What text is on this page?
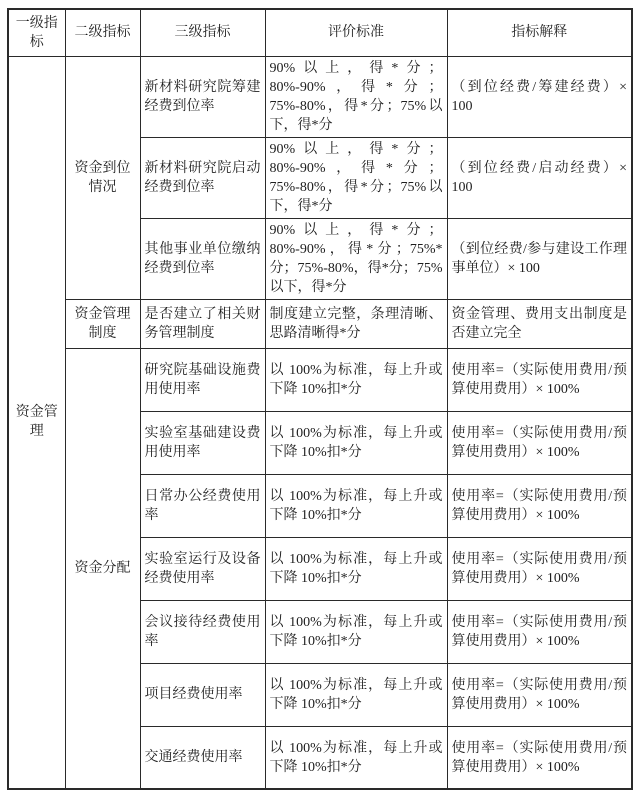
一级指标	二级指标	三级指标	评价标准	指标解释
资金管理	资金到位情况	新材料研究院筹建经费到位率	90%以上，得*分；80%-90%，得*分；75%-80%，得*分；75%以下，得*分	（到位经费/筹建经费）× 100
		新材料研究院启动经费到位率	90%以上，得*分；80%-90%，得*分；75%-80%，得*分；75%以下，得*分	（到位经费/启动经费）× 100
		其他事业单位缴纳经费到位率	90%以上，得*分；80%-90%，得*分；75%*分；75%-80%，得*分；75%以下，得*分	（到位经费/参与建设工作理事单位）× 100
	资金管理制度	是否建立了相关财务管理制度	制度建立完整，条理清晰、思路清晰得*分	资金管理、费用支出制度是否建立完全
	资金分配	研究院基础设施费用使用率	以 100%为标准，每上升或下降 10%扣*分	使用率=（实际使用费用/预算使用费用）× 100%
		实验室基础建设费用使用率	以 100%为标准，每上升或下降 10%扣*分	使用率=（实际使用费用/预算使用费用）× 100%
		日常办公经费使用率	以 100%为标准，每上升或下降 10%扣*分	使用率=（实际使用费用/预算使用费用）× 100%
		实验室运行及设备经费使用率	以 100%为标准，每上升或下降 10%扣*分	使用率=（实际使用费用/预算使用费用）× 100%
		会议接待经费使用率	以 100%为标准，每上升或下降 10%扣*分	使用率=（实际使用费用/预算使用费用）× 100%
		项目经费使用率	以 100%为标准，每上升或下降 10%扣*分	使用率=（实际使用费用/预算使用费用）× 100%
		交通经费使用率	以 100%为标准，每上升或下降 10%扣*分	使用率=（实际使用费用/预算使用费用）× 100%
